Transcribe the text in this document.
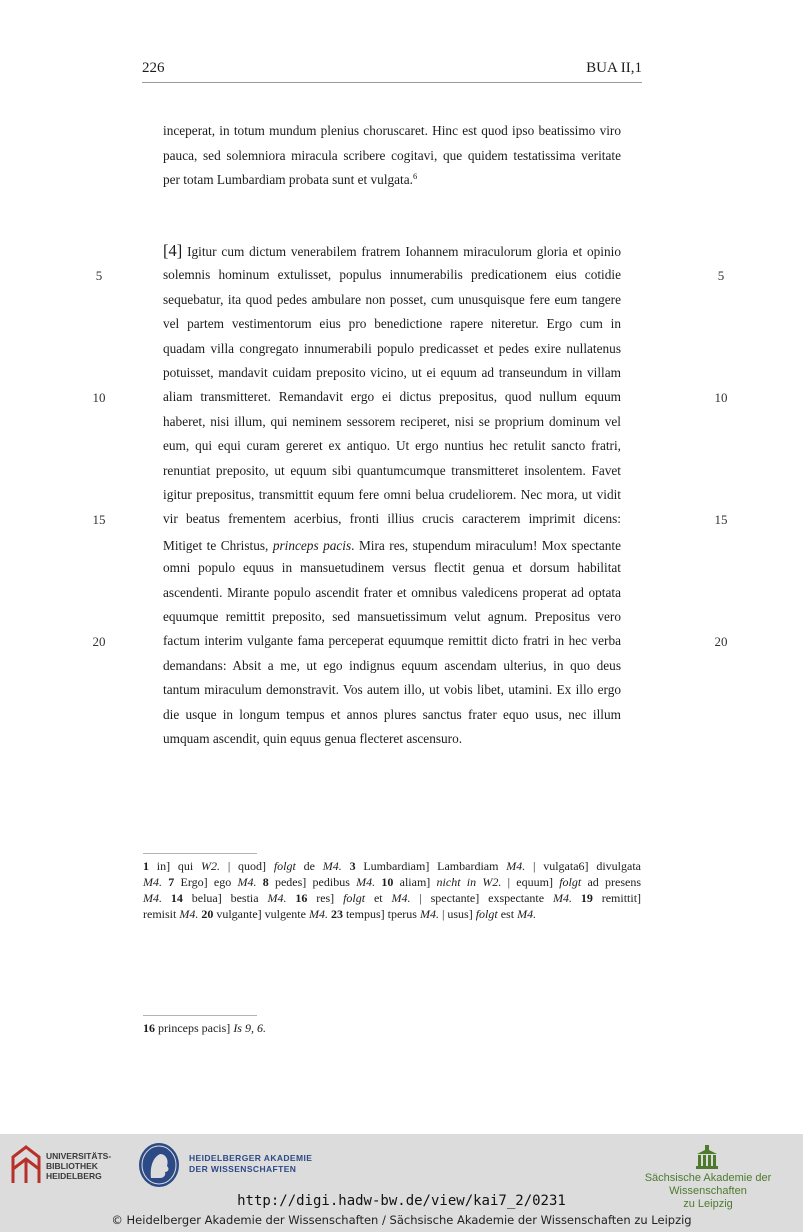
226	BUA II,1
inceperat, in totum mundum plenius choruscaret. Hinc est quod ipso beatissimo viro
pauca, sed solemniora miracula scribere cogitavi, que quidem testatissima veritate
per totam Lumbardiam probata sunt et vulgata.$^6$
[4] Igitur cum dictum venerabilem fratrem Iohannem miraculorum gloria et opinio
solemnis hominum extulisset, populus innumerabilis predicationem eius cotidie
sequebatur, ita quod pedes ambulare non posset, cum unusquisque fere eum tangere
vel partem vestimentorum eius pro benedictione rapere niteretur. Ergo cum in
quadam villa congregato innumerabili populo predicasset et pedes exire nullatenus
potuisset, mandavit cuidam preposito vicino, ut ei equum ad transeundum in villam
aliam transmitteret. Remandavit ergo ei dictus prepositus, quod nullum equum
haberet, nisi illum, qui neminem sessorem reciperet, nisi se proprium dominum vel
eum, qui equi curam gereret ex antiquo. Ut ergo nuntius hec retulit sancto fratri,
renuntiat preposito, ut equum sibi quantumcumque transmitteret insolentem. Favet
igitur prepositus, transmittit equum fere omni belua crudeliorem. Nec mora, ut vidit
vir beatus frementem acerbius, fronti illius crucis caracterem imprimit dicens:
omni populo equus in mansuetudinem versus flectit genua et dorsum habilitat
ascendenti. Mirante populo ascendit frater et omnibus valedicens properat ad optata
equumque remittit preposito, sed mansuetissimum velut agnum. Prepositus vero
factum interim vulgante fama perceperat equumque remittit dicto fratri in hec verba
demandans: Absit a me, ut ego indignus equum ascendam ulterius, in quo deus
tantum miraculum demonstravit. Vos autem illo, ut vobis libet, utamini. Ex illo ergo
die usque in longum tempus et annos plures sanctus frater equo usus, nec illum
umquam ascendit, quin equus genua flecteret ascensuro.
Mitiget te Christus, princeps pacis. Mira res, stupendum miraculum! Mox spectante
5	5
10	10
15	15
20	20
1 in] qui W2. | quod] folgt de M4. 3 Lumbardiam] Lambardiam M4. | vulgata6] divulgata
M4. 7 Ergo] ego M4. 8 pedes] pedibus M4. 10 aliam] nicht in W2. | equum] folgt ad presens
M4. 14 belua] bestia M4. 16 res] folgt et M4. | spectante] exspectante M4. 19 remittit]
remisit M4. 20 vulgante] vulgente M4. 23 tempus] tperus M4. | usus] folgt est M4.
16 princeps pacis] Is 9, 6.
UNIVERSITÄTS-
BIBLIOTHEK
HEIDELBERG
HEIDELBERGER AKADEMIE
DER WISSENSCHAFTEN
Sächsische Akademie der Wissenschaften
zu Leipzig
http://digi.hadw-bw.de/view/kai7_2/0231
© Heidelberger Akademie der Wissenschaften / Sächsische Akademie der Wissenschaften zu Leipzig
